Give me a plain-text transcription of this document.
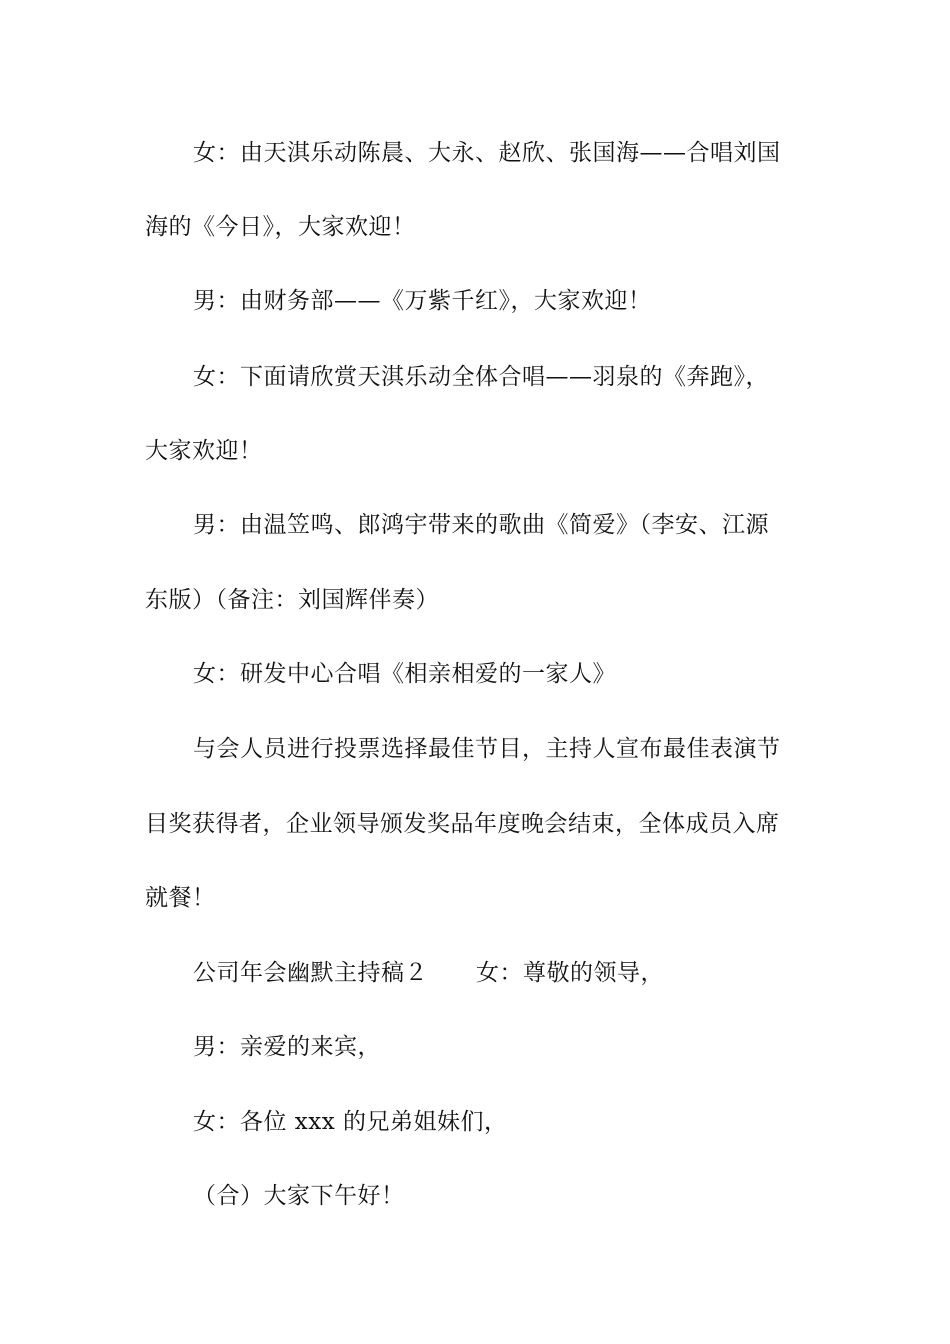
女：由天淇乐动陈晨、大永、赵欣、张国海——合唱刘国
海的《今日》，大家欢迎！
男：由财务部——《万紫千红》，大家欢迎！
女：下面请欣赏天淇乐动全体合唱——羽泉的《奔跑》，
大家欢迎！
男：由温笠鸣、郎鸿宇带来的歌曲《简爱》（李安、江源
东版）（备注：刘国辉伴奏）
女：研发中心合唱《相亲相爱的一家人》
与会人员进行投票选择最佳节目，主持人宣布最佳表演节
目奖获得者，企业领导颁发奖品年度晚会结束，全体成员入席
就餐！
公司年会幽默主持稿２ 女：尊敬的领导，
男：亲爱的来宾，
女：各位 xxx 的兄弟姐妹们，
（合）大家下午好！
